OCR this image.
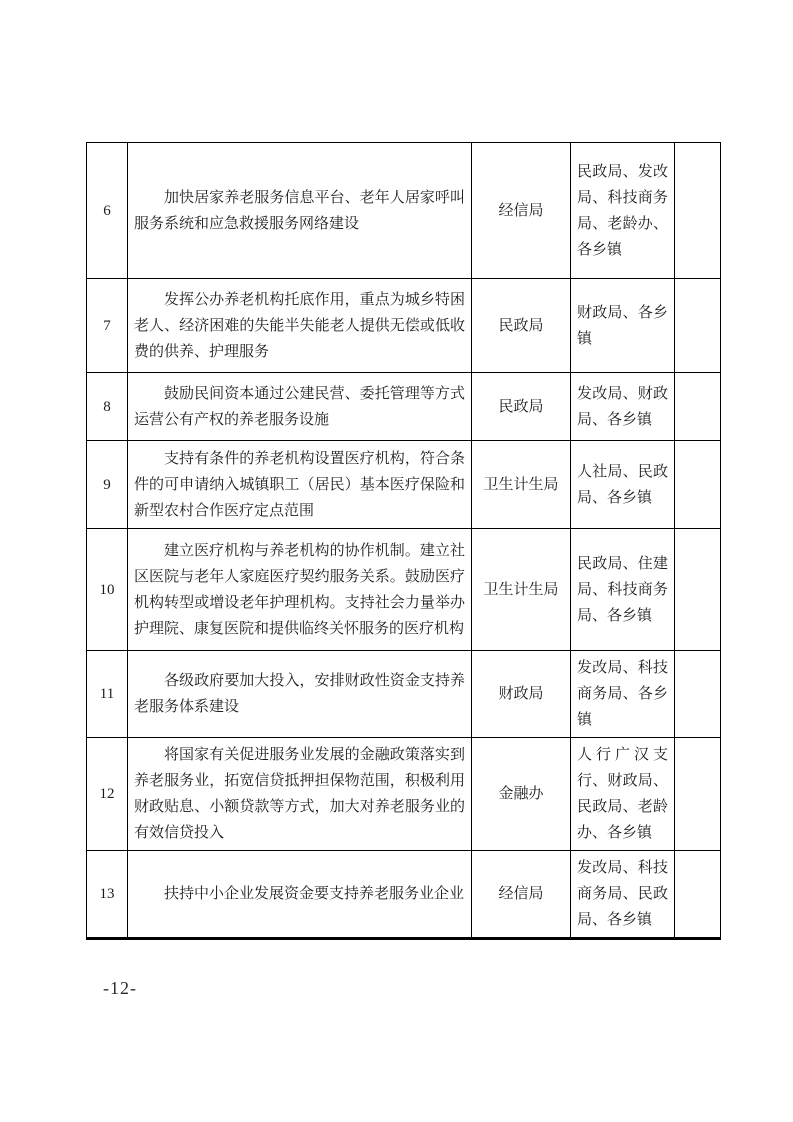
6	加快居家养老服务信息平台、老年人居家呼叫服务系统和应急救援服务网络建设	经信局	民政局、发改局、科技商务局、老龄办、各乡镇	
7	发挥公办养老机构托底作用，重点为城乡特困老人、经济困难的失能半失能老人提供无偿或低收费的供养、护理服务	民政局	财政局、各乡镇	
8	鼓励民间资本通过公建民营、委托管理等方式运营公有产权的养老服务设施	民政局	发改局、财政局、各乡镇	
9	支持有条件的养老机构设置医疗机构，符合条件的可申请纳入城镇职工（居民）基本医疗保险和新型农村合作医疗定点范围	卫生计生局	人社局、民政局、各乡镇	
10	建立医疗机构与养老机构的协作机制。建立社区医院与老年人家庭医疗契约服务关系。鼓励医疗机构转型或增设老年护理机构。支持社会力量举办护理院、康复医院和提供临终关怀服务的医疗机构	卫生计生局	民政局、住建局、科技商务局、各乡镇	
11	各级政府要加大投入，安排财政性资金支持养老服务体系建设	财政局	发改局、科技商务局、各乡镇	
12	将国家有关促进服务业发展的金融政策落实到养老服务业，拓宽信贷抵押担保物范围，积极利用财政贴息、小额贷款等方式，加大对养老服务业的有效信贷投入	金融办	人行广汉支行、财政局、民政局、老龄办、各乡镇	
13	扶持中小企业发展资金要支持养老服务业企业	经信局	发改局、科技商务局、民政局、各乡镇	
-12-
